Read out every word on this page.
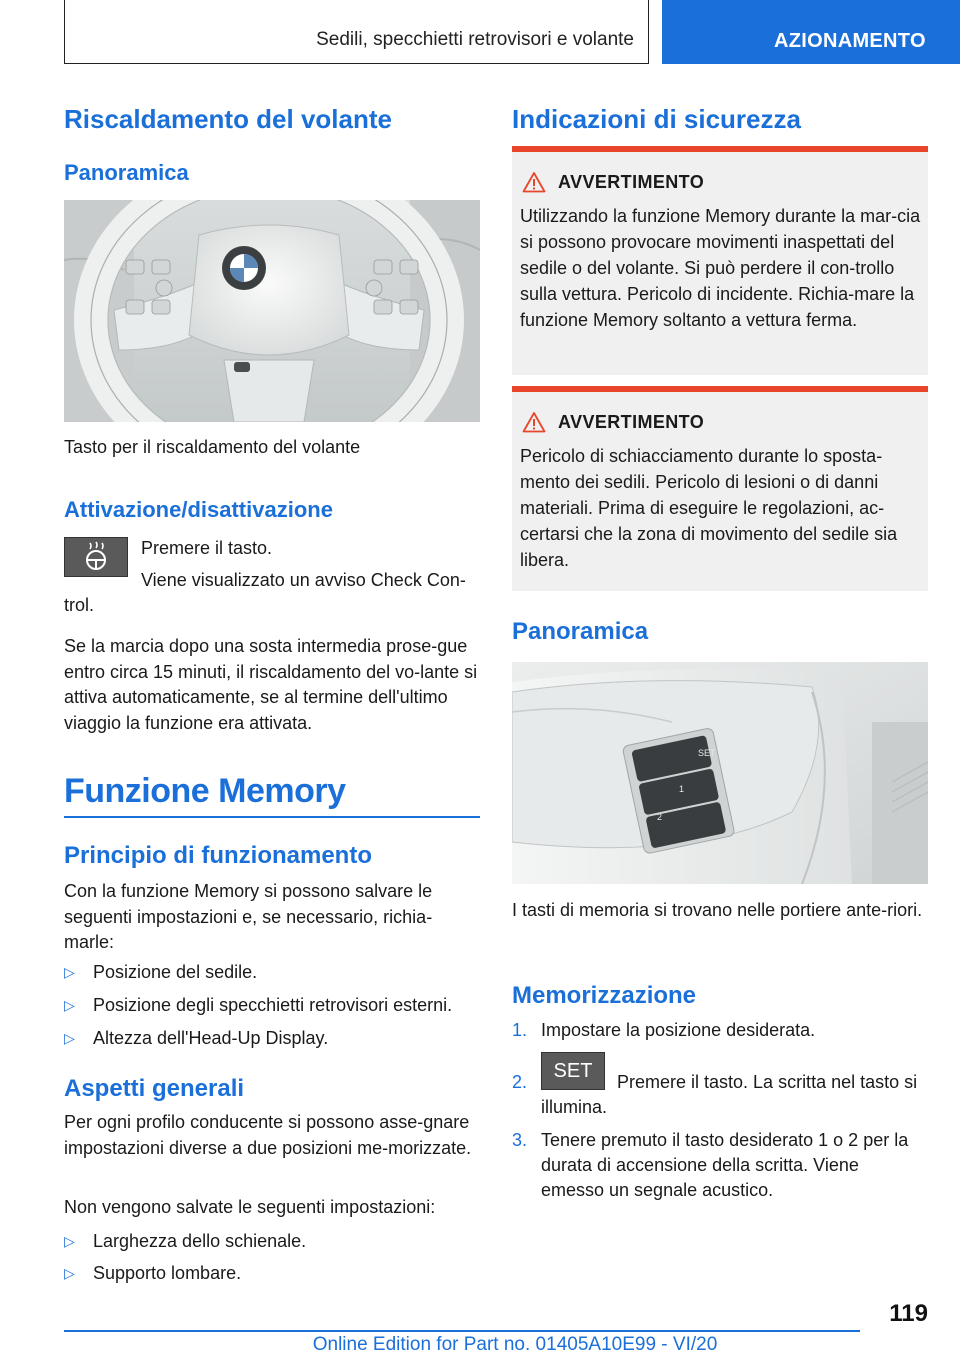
Sedili, specchietti retrovisori e volante	AZIONAMENTO
Riscaldamento del volante
Panoramica
Tasto per il riscaldamento del volante
Attivazione/disattivazione
Premere il tasto.
Viene visualizzato un avviso Check Con-
trol.
Se la marcia dopo una sosta intermedia prose-gue entro circa 15 minuti, il riscaldamento del vo-lante si attiva automaticamente, se al termine dell'ultimo viaggio la funzione era attivata.
Funzione Memory
Principio di funzionamento
Con la funzione Memory si possono salvare le seguenti impostazioni e, se necessario, richia-marle:
▷ Posizione del sedile.
▷ Posizione degli specchietti retrovisori esterni.
▷ Altezza dell'Head-Up Display.
Aspetti generali
Per ogni profilo conducente si possono asse-gnare impostazioni diverse a due posizioni me-morizzate.
Non vengono salvate le seguenti impostazioni:
▷ Larghezza dello schienale.
▷ Supporto lombare.
Indicazioni di sicurezza
AVVERTIMENTO
Utilizzando la funzione Memory durante la mar-cia si possono provocare movimenti inaspettati del sedile o del volante. Si può perdere il con-trollo sulla vettura. Pericolo di incidente. Richia-mare la funzione Memory soltanto a vettura ferma.
AVVERTIMENTO
Pericolo di schiacciamento durante lo sposta-mento dei sedili. Pericolo di lesioni o di danni materiali. Prima di eseguire le regolazioni, ac-certarsi che la zona di movimento del sedile sia libera.
Panoramica
SET
1
2
I tasti di memoria si trovano nelle portiere ante-riori.
Memorizzazione
1. Impostare la posizione desiderata.
2.	Premere il tasto. La scritta nel tasto si illumina.
SET
3. Tenere premuto il tasto desiderato 1 o 2 per la durata di accensione della scritta. Viene emesso un segnale acustico.
119
Online Edition for Part no. 01405A10E99 - VI/20
